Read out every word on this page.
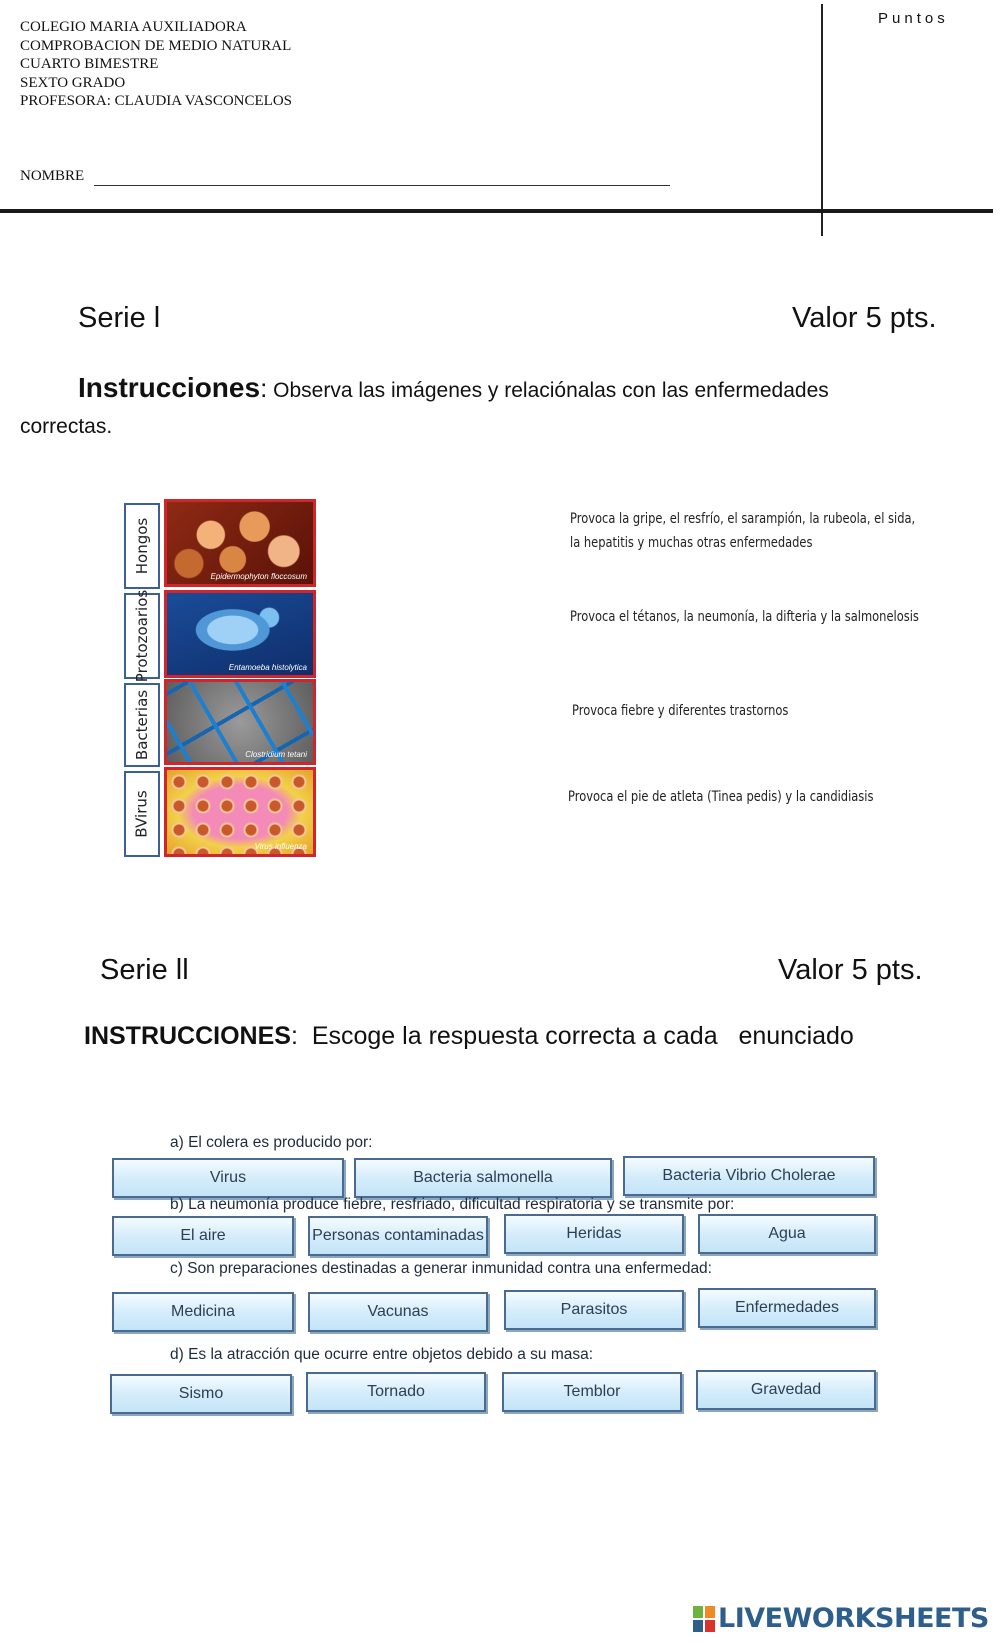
COLEGIO MARIA AUXILIADORA
COMPROBACION DE MEDIO NATURAL
CUARTO BIMESTRE
SEXTO GRADO
PROFESORA: CLAUDIA VASCONCELOS
Puntos
NOMBRE
Serie l	Valor 5 pts.
Instrucciones: Observa las imágenes y relaciónalas con las enfermedades
correctas.
Hongos
Protozoarios
Bacterias
BVirus
Epidermophyton floccosum
Entamoeba histolytica
Clostridium tetani
Virus influenza
Provoca la gripe, el resfrío, el sarampión, la rubeola, el sida,
la hepatitis y muchas otras enfermedades
Provoca el tétanos, la neumonía, la difteria y la salmonelosis
Provoca fiebre y diferentes trastornos
Provoca el pie de atleta (Tinea pedis) y la candidiasis
Serie ll	Valor 5 pts.
INSTRUCCIONES: Escoge la respuesta correcta a cada   enunciado
a) El colera es producido por:
Virus	Bacteria salmonella	Bacteria Vibrio Cholerae
b) La neumonía produce fiebre, resfriado, dificultad respiratoria y se transmite por:
El aire	Personas contaminadas	Heridas	Agua
c) Son preparaciones destinadas a generar inmunidad contra una enfermedad:
Medicina	Vacunas	Parasitos	Enfermedades
d) Es la atracción que ocurre entre objetos debido a su masa:
Sismo	Tornado	Temblor	Gravedad
LIVEWORKSHEETS
